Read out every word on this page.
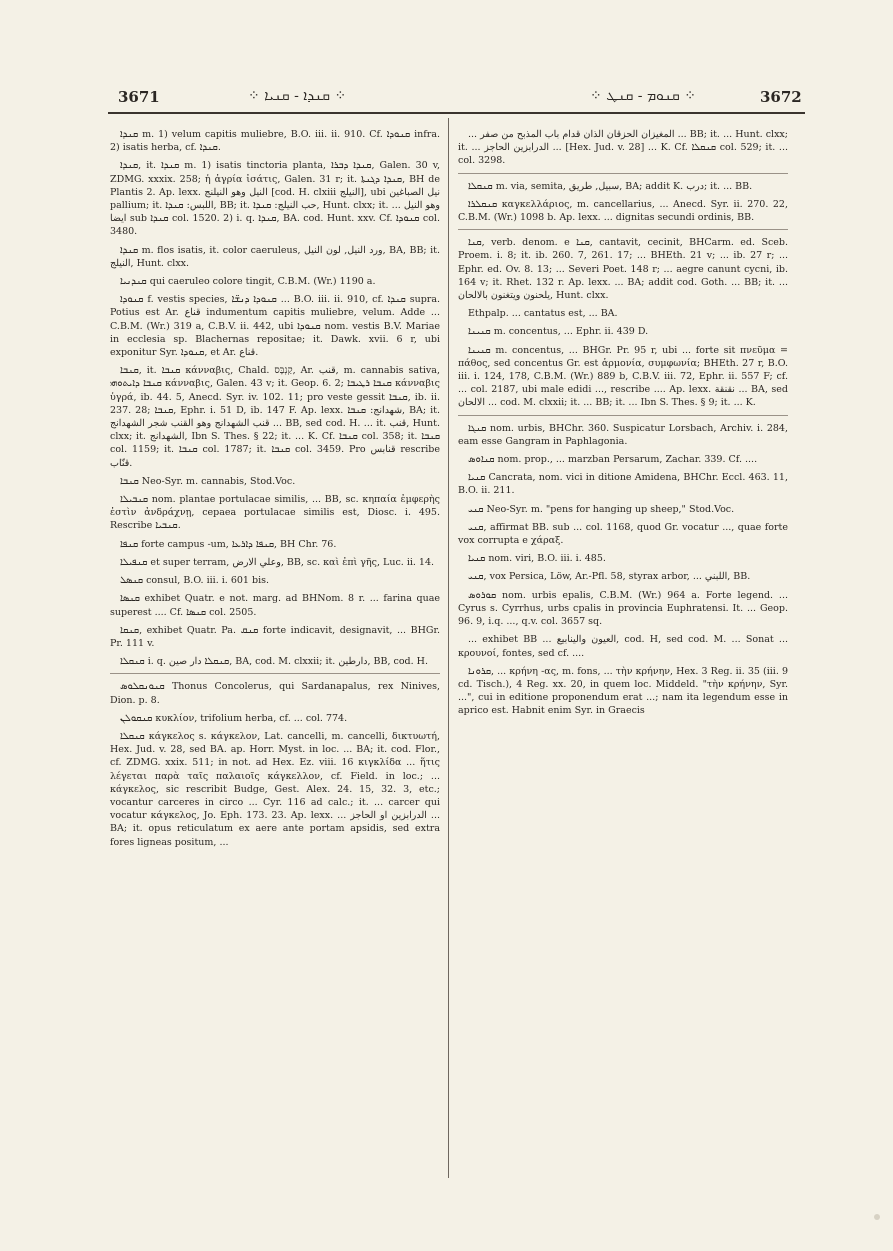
3671	⁘ ܩܢܕܐ - ܩܢܝܐ ⁘	⁘ ܩܢܘܡ - ܩܢܛ ⁘	3672

ܩܢܕܐ m. 1) velum capitis muliebre, B.O. iii. ii. 910. Cf. ܩܢܘܕܐ infra. 2) isatis herba, cf. ܩܢܕܐ.

ܩܢܕܐ, it. ܩܢܕܐ m. 1) isatis tinctoria planta, ܩܢܕܐ ܕܒܪܐ, Galen. 30 v, ZDMG. xxxix. 258; ἡ ἀγρία ἰσάτις, Galen. 31 r; it. ܩܢܕܐ ܕܓܢܬܐ, BH de Plantis 2. Ap. lexx. النيل وهو النيلنج [cod. H. clxiii النيلج], ubi نيل الصباغين pallium; it. اللبس: ܩܢܕܐ, BB; it. حب النيلج: ܩܢܕܐ, Hunt. clxx; it. وهو النيل ... ايضا sub ܩܢܕܐ col. 1520. 2) i. q. ܩܢܕܐ, BA. cod. Hunt. xxv. Cf. ܩܢܘܕܐ col. 3480.

ܩܢܕܐ m. flos isatis, it. color caeruleus, ورد النيل, لون النيل, BA, BB; it. النيلج, Hunt. clxx.

ܩܢܕܢܝܐ qui caeruleo colore tingit, C.B.M. (Wr.) 1190 a.

ܩܢܘܕܐ f. vestis species, ܩܢܘܕܐ ܕܢܫ̈ܐ ... B.O. iii. ii. 910, cf. ܩܢܕܐ supra. Potius est Ar. قناع indumentum capitis muliebre, velum. Adde ... C.B.M. (Wr.) 319 a, C.B.V. ii. 442, ubi ܩܢܘܕܐ nom. vestis B.V. Mariae in ecclesia sp. Blachernas repositae; it. Dawk. xvii. 6 r, ubi exponitur Syr. ܩܢܘܕܐ, et Ar. قناع.

ܩܢܒܐ, it. ܩܢܒܐ κάνναβις, Chald. קַנְבָּס, Ar. قنب, m. cannabis sativa, ܩܢܒܐ ܕܐܝܬܘܗܝ κάνναβις, Galen. 43 v; it. Geop. 6. 2; ܩܢܒܐ ܪܛܝܒܐ κάνναβις ὑγρά, ib. 44. 5, Anecd. Syr. iv. 102. 11; pro veste gessit ܩܢܒܐ, ib. ii. 237. 28; ܩܢܒܐ, Ephr. i. 51 D, ib. 147 F. Ap. lexx. شهدانج: ܩܢܒܐ, BA; it. قنب الشهدانج وهو القنب شجر الشهدانج ... BB, sed cod. H. ... it. قنب, Hunt. clxx; it. الشهدانج, Ibn S. Thes. § 22; it. ... K. Cf. ܩܢܒܐ col. 358; it. ܩܢܒܐ col. 1159; it. ܩܢܒܐ col. 1787; it. ܩܢܒܐ col. 3459. Pro قنابس rescribe قنّاب.

ܩܢܒܐ Neo-Syr. m. cannabis, Stod.Voc.

ܩܢܒܝܠܐ nom. plantae portulacae similis, ... BB, sc. κηπαία ἐμφερὴς ἐστὶν ἀνδράχνῃ, cepaea portulacae similis est, Diosc. i. 495. Rescribe ܩܢܒܝܐ.

ܩܢܦܐ forte campus -um, ܩܢܦܐ ܕܐܪܥܐ, BH Chr. 76.

ܩܢܦܝܠܐ et super terram, وعلي الارض, BB, sc. καὶ ἐπὶ γῆς, Luc. ii. 14.

ܩܢܣܠ consul, B.O. iii. i. 601 bis.

ܩܢܣܐ exhibet Quatr. e not. marg. ad BHNom. 8 r. ... farina quae superest .... Cf. ܩܢܣܐ col. 2505.

ܩܢܩܐ, exhibet Quatr. Pa. ܩܢܩ forte indicavit, designavit, ... BHGr. Pr. 111 v.

ܩܢܩܠܐ i. q. ܩܢܩܠܐ دار صين, BA, cod. M. clxxii; it. دارطين, BB, cod. H.

ܩܢܘܢܩܠܘܣ Thonus Concolerus, qui Sardanapalus, rex Ninives, Dion. p. 8.

ܩܢܩܘܠܢ κυκλίον, trifolium herba, cf. ... col. 774.

ܩܢܩܠܐ κάγκελος s. κάγκελον, Lat. cancelli, m. cancelli, δικτυωτή, Hex. Jud. v. 28, sed BA. ap. Horr. Myst. in loc. ... BA; it. cod. Flor., cf. ZDMG. xxix. 511; in not. ad Hex. Ez. viii. 16 κιγκλίδα ... ἥτις λέγεται παρὰ ταῖς παλαιοῖς κάγκελλον, cf. Field. in loc.; ... κάγκελος, sic rescribit Budge, Gest. Alex. 24. 15, 32. 3, etc.; vocantur carceres in circo ... Cyr. 116 ad calc.; it. ... carcer qui vocatur κάγκελος, Jo. Eph. 173. 23. Ap. lexx. ... الدرابزين او الحاجز ... BA; it. opus reticulatum ex aere ante portam apsidis, sed extra fores ligneas positum, ...

... المغيزان الحزقان الذان قدام باب المذبح من صفر ... BB; it. ... Hunt. clxx; it. ... الدرابزين الحاجز ... [Hex. Jud. v. 28] ... K. Cf. ܩܢܩܠܐ col. 529; it. ... col. 3298.

ܩܢܩܠܐ m. via, semita, سبيل, طريق, BA; addit K. درب; it. ... BB.

ܩܢܩܠܪܐ καγκελλάριος, m. cancellarius, ... Anecd. Syr. ii. 270. 22, C.B.M. (Wr.) 1098 b. Ap. lexx. ... dignitas secundi ordinis, BB.

ܩܢܐ, verb. denom. e ܩܢܐ, cantavit, cecinit, BHCarm. ed. Sceb. Proem. i. 8; it. ib. 260. 7, 261. 17; ... BHEth. 21 v; ... ib. 27 r; ... Ephr. ed. Ov. 8. 13; ... Severi Poet. 148 r; ... aegre canunt cycni, ib. 164 v; it. Rhet. 132 r. Ap. lexx. ... BA; addit cod. Goth. ... BB; it. ... يلحنون ويتغنون بالالحان, Hunt. clxx.

Ethpalp. ... cantatus est, ... BA.

ܩܢܝܢܐ m. concentus, ... Ephr. ii. 439 D.

ܩܢܝܢܐ m. concentus, ... BHGr. Pr. 95 r, ubi ... forte sit πνεῦμα = πάθος, sed concentus Gr. est ἁρμονία, συμφωνία; BHEth. 27 r, B.O. iii. i. 124, 178, C.B.M. (Wr.) 889 b, C.B.V. iii. 72, Ephr. ii. 557 F; cf. ... col. 2187, ubi male edidi ..., rescribe .... Ap. lexx. نقنقة ... BA, sed الالحان ... cod. M. clxxii; it. ... BB; it. ... Ibn S. Thes. § 9; it. ... K.

ܩܢܓܐ nom. urbis, BHChr. 360. Suspicatur Lorsbach, Archiv. i. 284, eam esse Gangram in Paphlagonia.

ܩܢܐܘܣ nom. prop., ... marzban Persarum, Zachar. 339. Cf. ....

ܩܢܝܐ Cancrata, nom. vici in ditione Amidena, BHChr. Eccl. 463. 11, B.O. ii. 211.

ܩܢܝ Neo-Syr. m. "pens for hanging up sheep," Stod.Voc.

ܩܢܝ, affirmat BB. sub ... col. 1168, quod Gr. vocatur ..., quae forte vox corrupta e χάραξ.

ܩܢܝܐ nom. viri, B.O. iii. i. 485.

ܩܢܝ, vox Persica, Löw, Ar.-Pfl. 58, styrax arbor, ... اللبني, BB.

ܩܘܪܘܣ nom. urbis epalis, C.B.M. (Wr.) 964 a. Forte legend. ... Cyrus s. Cyrrhus, urbs cpalis in provincia Euphratensi. It. ... Geop. 96. 9, i.q. ..., q.v. col. 3657 sq.

... exhibet BB ... العيون والينابيع, cod. H, sed cod. M. ... Sonat ... κρουνοί, fontes, sed cf. ....

ܩܪܘܢܐ, ... κρήνη -ας, m. fons, ... τὴν κρήνην, Hex. 3 Reg. ii. 35 (iii. 9 cd. Tisch.), 4 Reg. xx. 20, in quem loc. Middeld. "τὴν κρήνην, Syr. ...", cui in editione proponendum erat ...; nam ita legendum esse in aprico est. Habnit enim Syr. in Graecis
